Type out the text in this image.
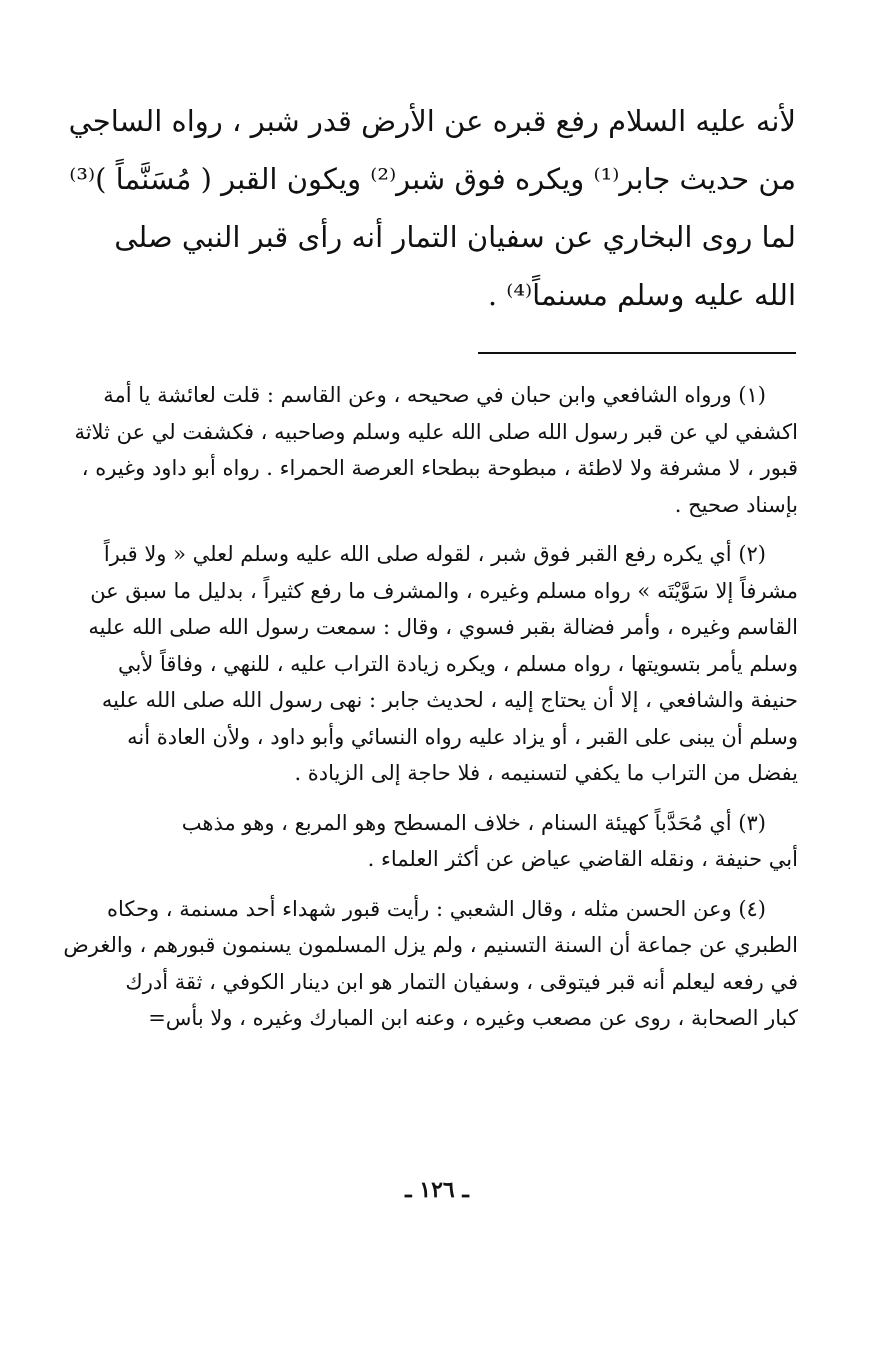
لأنه عليه السلام رفع قبره عن الأرض قدر شبر ، رواه الساجي
من حديث جابر⁽¹⁾ ويكره فوق شبر⁽²⁾ ويكون القبر ( مُسَنَّماً )⁽³⁾
لما روى البخاري عن سفيان التمار أنه رأى قبر النبي صلى
الله عليه وسلم مسنماً⁽⁴⁾ .
(١) ورواه الشافعي وابن حبان في صحيحه ، وعن القاسم : قلت لعائشة يا أمة
اكشفي لي عن قبر رسول الله صلى الله عليه وسلم وصاحبيه ، فكشفت لي عن ثلاثة
قبور ، لا مشرفة ولا لاطئة ، مبطوحة ببطحاء العرصة الحمراء . رواه أبو داود وغيره ،
بإسناد صحيح .
(٢) أي يكره رفع القبر فوق شبر ، لقوله صلى الله عليه وسلم لعلي « ولا قبراً
مشرفاً إلا سَوَّيْتَه » رواه مسلم وغيره ، والمشرف ما رفع كثيراً ، بدليل ما سبق عن
القاسم وغيره ، وأمر فضالة بقبر فسوي ، وقال : سمعت رسول الله صلى الله عليه
وسلم يأمر بتسويتها ، رواه مسلم ، ويكره زيادة التراب عليه ، للنهي ، وفاقاً لأبي
حنيفة والشافعي ، إلا أن يحتاج إليه ، لحديث جابر : نهى رسول الله صلى الله عليه
وسلم أن يبنى على القبر ، أو يزاد عليه رواه النسائي وأبو داود ، ولأن العادة أنه
يفضل من التراب ما يكفي لتسنيمه ، فلا حاجة إلى الزيادة .
(٣) أي مُحَدَّباً كهيئة السنام ، خلاف المسطح وهو المربع ، وهو مذهب
أبي حنيفة ، ونقله القاضي عياض عن أكثر العلماء .
(٤) وعن الحسن مثله ، وقال الشعبي : رأيت قبور شهداء أحد مسنمة ، وحكاه
الطبري عن جماعة أن السنة التسنيم ، ولم يزل المسلمون يسنمون قبورهم ، والغرض
في رفعه ليعلم أنه قبر فيتوقى ، وسفيان التمار هو ابن دينار الكوفي ، ثقة أدرك
كبار الصحابة ، روى عن مصعب وغيره ، وعنه ابن المبارك وغيره ، ولا بأس=
ـ ١٢٦ ـ
